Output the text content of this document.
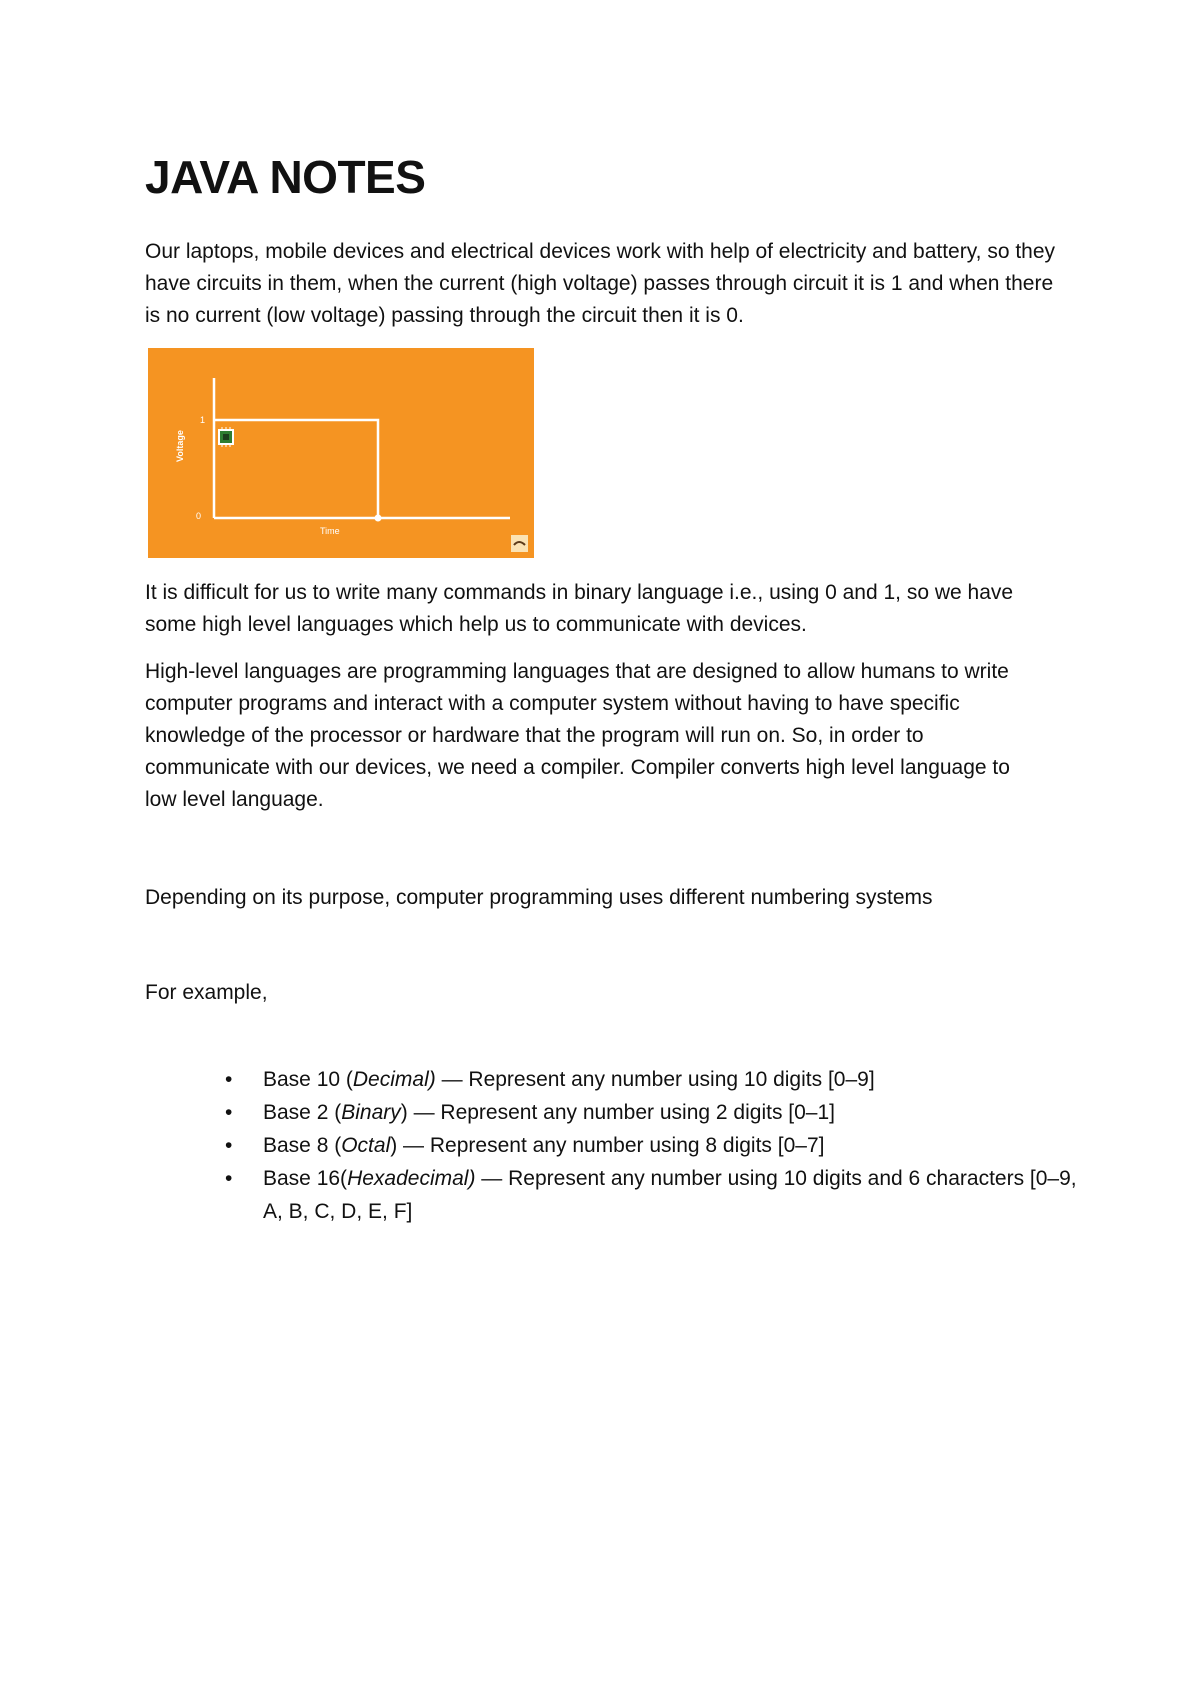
JAVA NOTES

Our laptops, mobile devices and electrical devices work with help of electricity and battery, so they have circuits in them, when the current (high voltage) passes through circuit it is 1 and when there is no current (low voltage) passing through the circuit then it is 0.

1
0
Voltage
Time

It is difficult for us to write many commands in binary language i.e., using 0 and 1, so we have some high level languages which help us to communicate with devices.

High-level languages are programming languages that are designed to allow humans to write computer programs and interact with a computer system without having to have specific knowledge of the processor or hardware that the program will run on. So, in order to communicate with our devices, we need a compiler. Compiler converts high level language to low level language.

Depending on its purpose, computer programming uses different numbering systems

For example,

• Base 10 (Decimal) — Represent any number using 10 digits [0–9]
• Base 2 (Binary) — Represent any number using 2 digits [0–1]
• Base 8 (Octal) — Represent any number using 8 digits [0–7]
• Base 16(Hexadecimal) — Represent any number using 10 digits and 6 characters [0–9, A, B, C, D, E, F]
